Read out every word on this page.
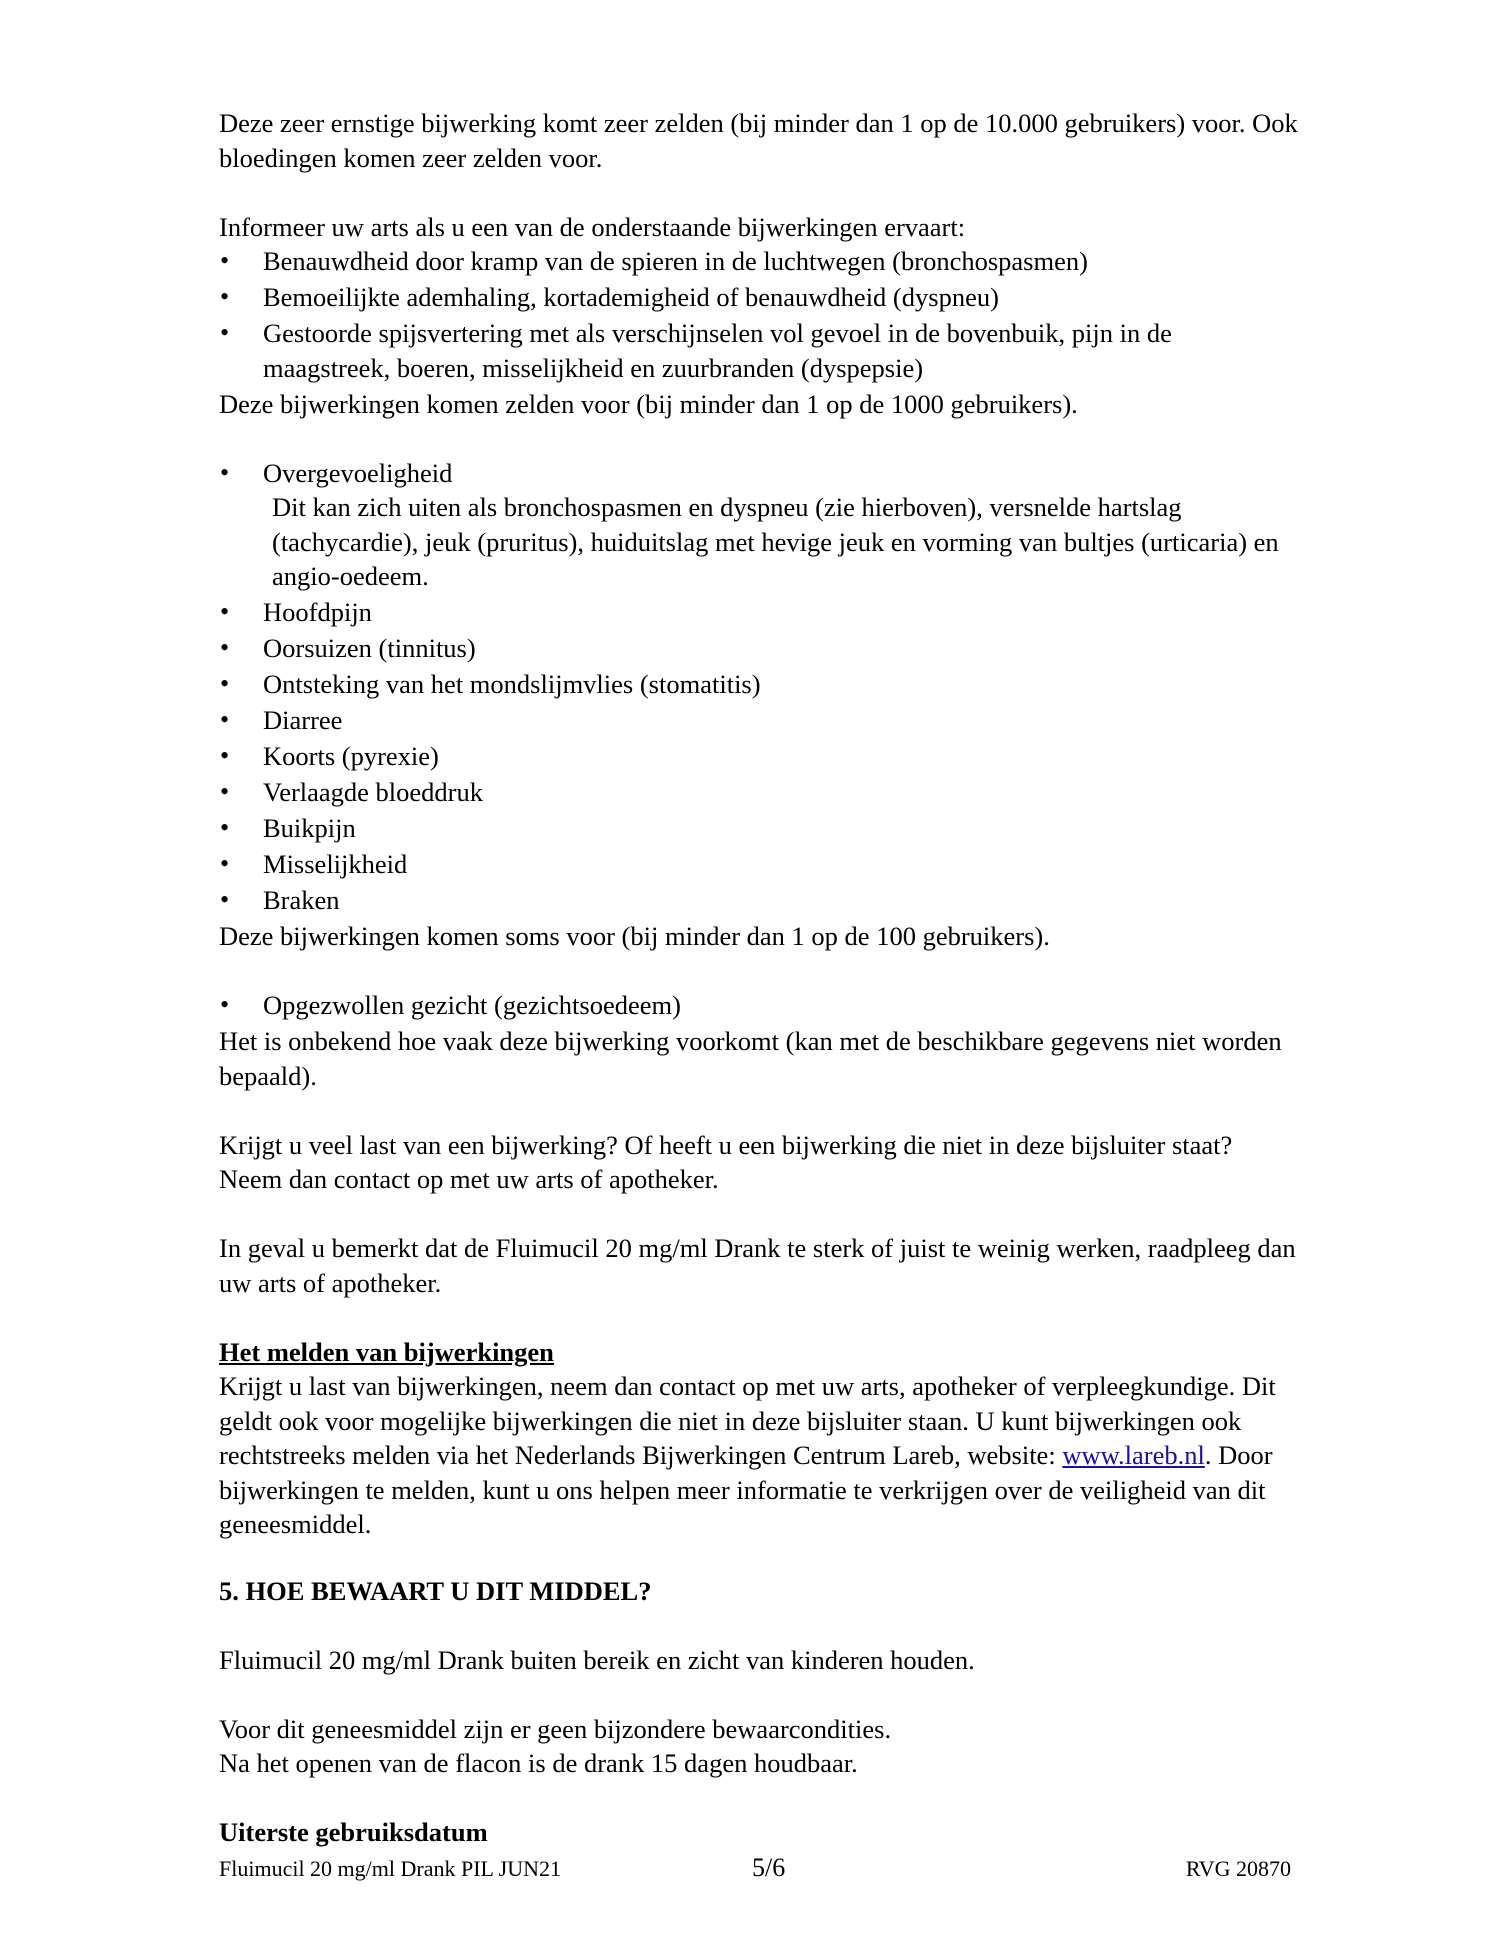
Deze zeer ernstige bijwerking komt zeer zelden (bij minder dan 1 op de 10.000 gebruikers) voor. Ook bloedingen komen zeer zelden voor.

Informeer uw arts als u een van de onderstaande bijwerkingen ervaart:

• Benauwdheid door kramp van de spieren in de luchtwegen (bronchospasmen)
• Bemoeilijkte ademhaling, kortademigheid of benauwdheid (dyspneu)
• Gestoorde spijsvertering met als verschijnselen vol gevoel in de bovenbuik, pijn in de maagstreek, boeren, misselijkheid en zuurbranden (dyspepsie)

Deze bijwerkingen komen zelden voor (bij minder dan 1 op de 1000 gebruikers).

• Overgevoeligheid
Dit kan zich uiten als bronchospasmen en dyspneu (zie hierboven), versnelde hartslag (tachycardie), jeuk (pruritus), huiduitslag met hevige jeuk en vorming van bultjes (urticaria) en angio-oedeem.
• Hoofdpijn
• Oorsuizen (tinnitus)
• Ontsteking van het mondslijmvlies (stomatitis)
• Diarree
• Koorts (pyrexie)
• Verlaagde bloeddruk
• Buikpijn
• Misselijkheid
• Braken

Deze bijwerkingen komen soms voor (bij minder dan 1 op de 100 gebruikers).

• Opgezwollen gezicht (gezichtsoedeem)

Het is onbekend hoe vaak deze bijwerking voorkomt (kan met de beschikbare gegevens niet worden bepaald).

Krijgt u veel last van een bijwerking? Of heeft u een bijwerking die niet in deze bijsluiter staat? Neem dan contact op met uw arts of apotheker.

In geval u bemerkt dat de Fluimucil 20 mg/ml Drank te sterk of juist te weinig werken, raadpleeg dan uw arts of apotheker.

Het melden van bijwerkingen

Krijgt u last van bijwerkingen, neem dan contact op met uw arts, apotheker of verpleegkundige. Dit geldt ook voor mogelijke bijwerkingen die niet in deze bijsluiter staan. U kunt bijwerkingen ook rechtstreeks melden via het Nederlands Bijwerkingen Centrum Lareb, website: www.lareb.nl. Door bijwerkingen te melden, kunt u ons helpen meer informatie te verkrijgen over de veiligheid van dit geneesmiddel.

5. HOE BEWAART U DIT MIDDEL?

Fluimucil 20 mg/ml Drank buiten bereik en zicht van kinderen houden.

Voor dit geneesmiddel zijn er geen bijzondere bewaarcondities.

Na het openen van de flacon is de drank 15 dagen houdbaar.

Uiterste gebruiksdatum

Fluimucil 20 mg/ml Drank PIL JUN21	5/6	RVG 20870
